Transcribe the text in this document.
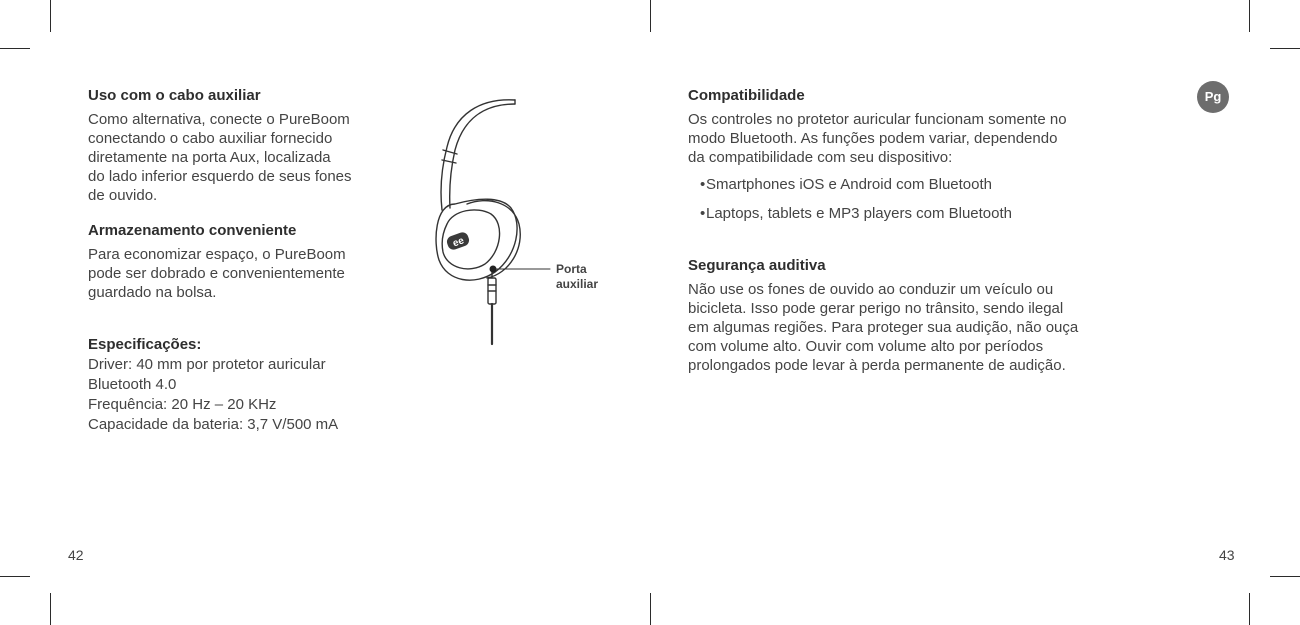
Uso com o cabo auxiliar
Como alternativa, conecte o PureBoom
conectando o cabo auxiliar fornecido
diretamente na porta Aux, localizada
do lado inferior esquerdo de seus fones
de ouvido.
Armazenamento conveniente
Para economizar espaço, o PureBoom
pode ser dobrado e convenientemente
guardado na bolsa.
Especificações:
Driver: 40 mm por protetor auricular
Bluetooth 4.0
Frequência: 20 Hz – 20 KHz
Capacidade da bateria: 3,7 V/500 mA
ee
Porta
auxiliar
42
Pg
Compatibilidade
Os controles no protetor auricular funcionam somente no
modo Bluetooth. As funções podem variar, dependendo
da compatibilidade com seu dispositivo:
•Smartphones iOS e Android com Bluetooth
•Laptops, tablets e MP3 players com Bluetooth
Segurança auditiva
Não use os fones de ouvido ao conduzir um veículo ou
bicicleta. Isso pode gerar perigo no trânsito, sendo ilegal
em algumas regiões. Para proteger sua audição, não ouça
com volume alto. Ouvir com volume alto por períodos
prolongados pode levar à perda permanente de audição.
43
